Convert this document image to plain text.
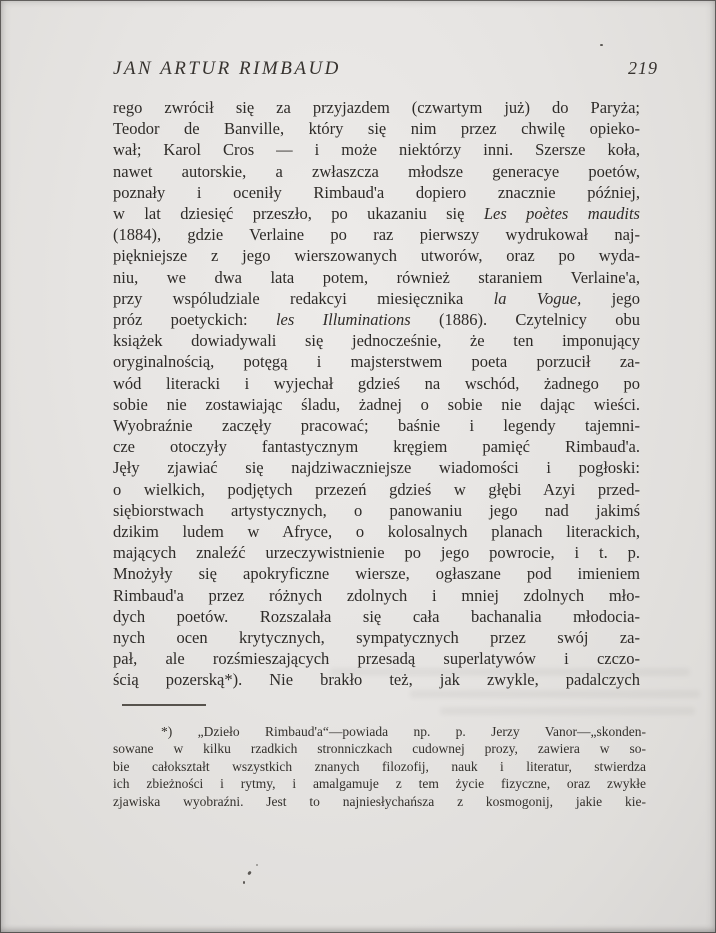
JAN ARTUR RIMBAUD	219
rego zwrócił się za przyjazdem (czwartym już) do Paryża;
Teodor de Banville, który się nim przez chwilę opieko-
wał; Karol Cros — i może niektórzy inni. Szersze koła,
nawet autorskie, a zwłaszcza młodsze generacye poetów,
poznały i oceniły Rimbaud'a dopiero znacznie później,
w lat dziesięć przeszło, po ukazaniu się Les poètes maudits
(1884), gdzie Verlaine po raz pierwszy wydrukował naj-
piękniejsze z jego wierszowanych utworów, oraz po wyda-
niu, we dwa lata potem, również staraniem Verlaine'a,
przy wspóludziale redakcyi miesięcznika la Vogue, jego
próz poetyckich: les Illuminations (1886). Czytelnicy obu
książek dowiadywali się jednocześnie, że ten imponujący
oryginalnością, potęgą i majsterstwem poeta porzucił za-
wód literacki i wyjechał gdzieś na wschód, żadnego po
sobie nie zostawiając śladu, żadnej o sobie nie dając wieści.
Wyobraźnie zaczęły pracować; baśnie i legendy tajemni-
cze otoczyły fantastycznym kręgiem pamięć Rimbaud'a.
Jęły zjawiać się najdziwaczniejsze wiadomości i pogłoski:
o wielkich, podjętych przezeń gdzieś w głębi Azyi przed-
siębiorstwach artystycznych, o panowaniu jego nad jakimś
dzikim ludem w Afryce, o kolosalnych planach literackich,
mających znaleźć urzeczywistnienie po jego powrocie, i t. p.
Mnożyły się apokryficzne wiersze, ogłaszane pod imieniem
Rimbaud'a przez różnych zdolnych i mniej zdolnych mło-
dych poetów. Rozszalała się cała bachanalia młodocia-
nych ocen krytycznych, sympatycznych przez swój za-
pał, ale rozśmieszających przesadą superlatywów i czczo-
ścią pozerską*). Nie brakło też, jak zwykle, padalczych
*) „Dzieło Rimbaud'a“—powiada np. p. Jerzy Vanor—„skonden-
sowane w kilku rzadkich stronniczkach cudownej prozy, zawiera w so-
bie całokształt wszystkich znanych filozofij, nauk i literatur, stwierdza
ich zbieżności i rytmy, i amalgamuje z tem życie fizyczne, oraz zwykłe
zjawiska wyobraźni. Jest to najniesłychańsza z kosmogonij, jakie kie-
